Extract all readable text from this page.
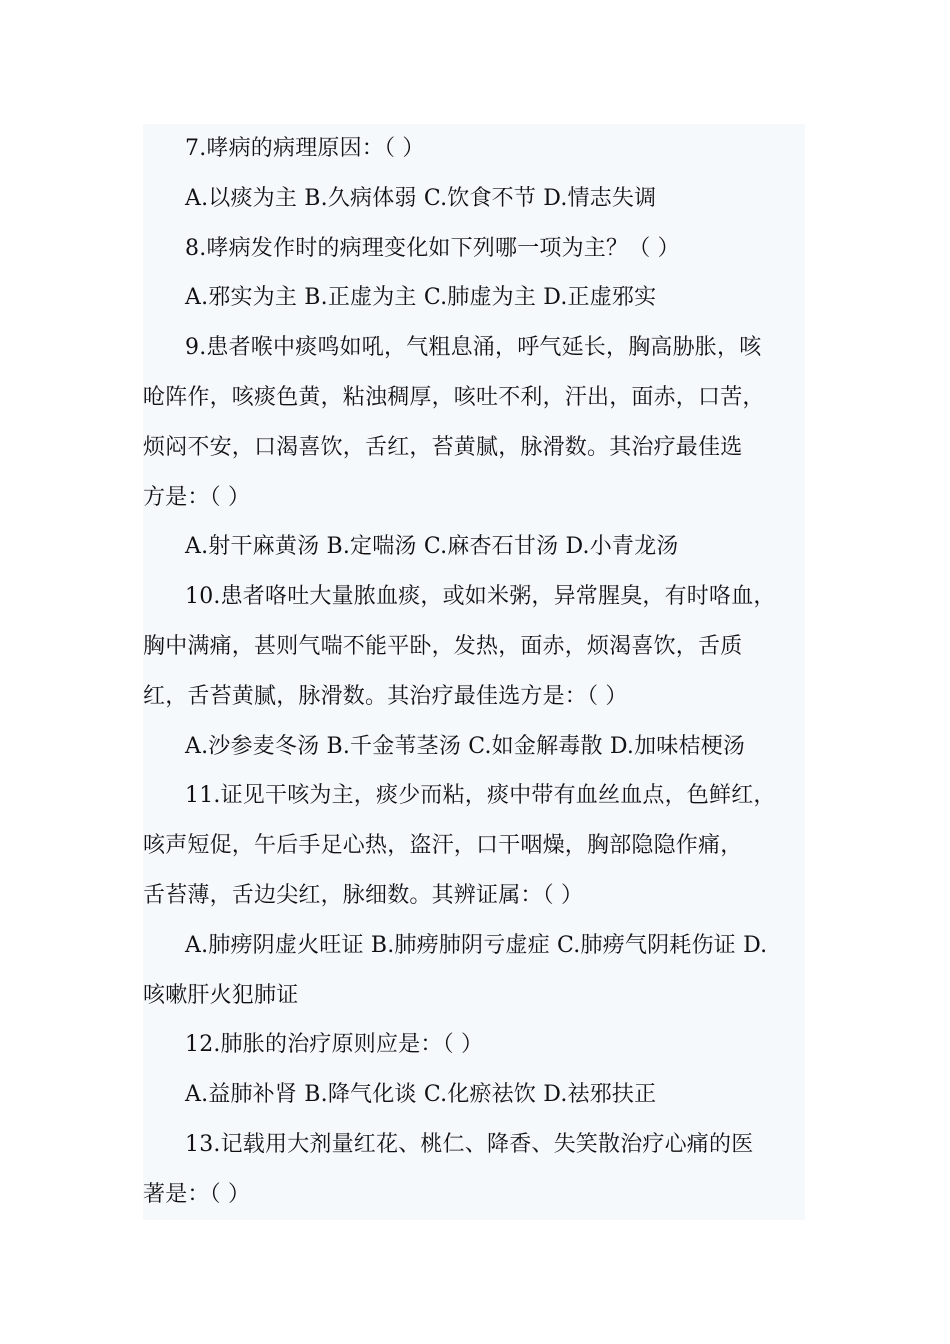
7.哮病的病理原因：（ ）
A.以痰为主 B.久病体弱 C.饮食不节 D.情志失调
8.哮病发作时的病理变化如下列哪一项为主？（ ）
A.邪实为主 B.正虚为主 C.肺虚为主 D.正虚邪实
9.患者喉中痰鸣如吼，气粗息涌，呼气延长，胸高胁胀，咳
呛阵作，咳痰色黄，粘浊稠厚，咳吐不利，汗出，面赤，口苦，
烦闷不安，口渴喜饮，舌红，苔黄腻，脉滑数。其治疗最佳选
方是：（ ）
A.射干麻黄汤 B.定喘汤 C.麻杏石甘汤 D.小青龙汤
10.患者咯吐大量脓血痰，或如米粥，异常腥臭，有时咯血，
胸中满痛，甚则气喘不能平卧，发热，面赤，烦渴喜饮，舌质
红，舌苔黄腻，脉滑数。其治疗最佳选方是：（ ）
A.沙参麦冬汤 B.千金苇茎汤 C.如金解毒散 D.加味桔梗汤
11.证见干咳为主，痰少而粘，痰中带有血丝血点，色鲜红，
咳声短促，午后手足心热，盗汗，口干咽燥，胸部隐隐作痛，
舌苔薄，舌边尖红，脉细数。其辨证属：（ ）
A.肺痨阴虚火旺证 B.肺痨肺阴亏虚症 C.肺痨气阴耗伤证 D.
咳嗽肝火犯肺证
12.肺胀的治疗原则应是：（ ）
A.益肺补肾 B.降气化谈 C.化瘀祛饮 D.祛邪扶正
13.记载用大剂量红花、桃仁、降香、失笑散治疗心痛的医
著是：（ ）
